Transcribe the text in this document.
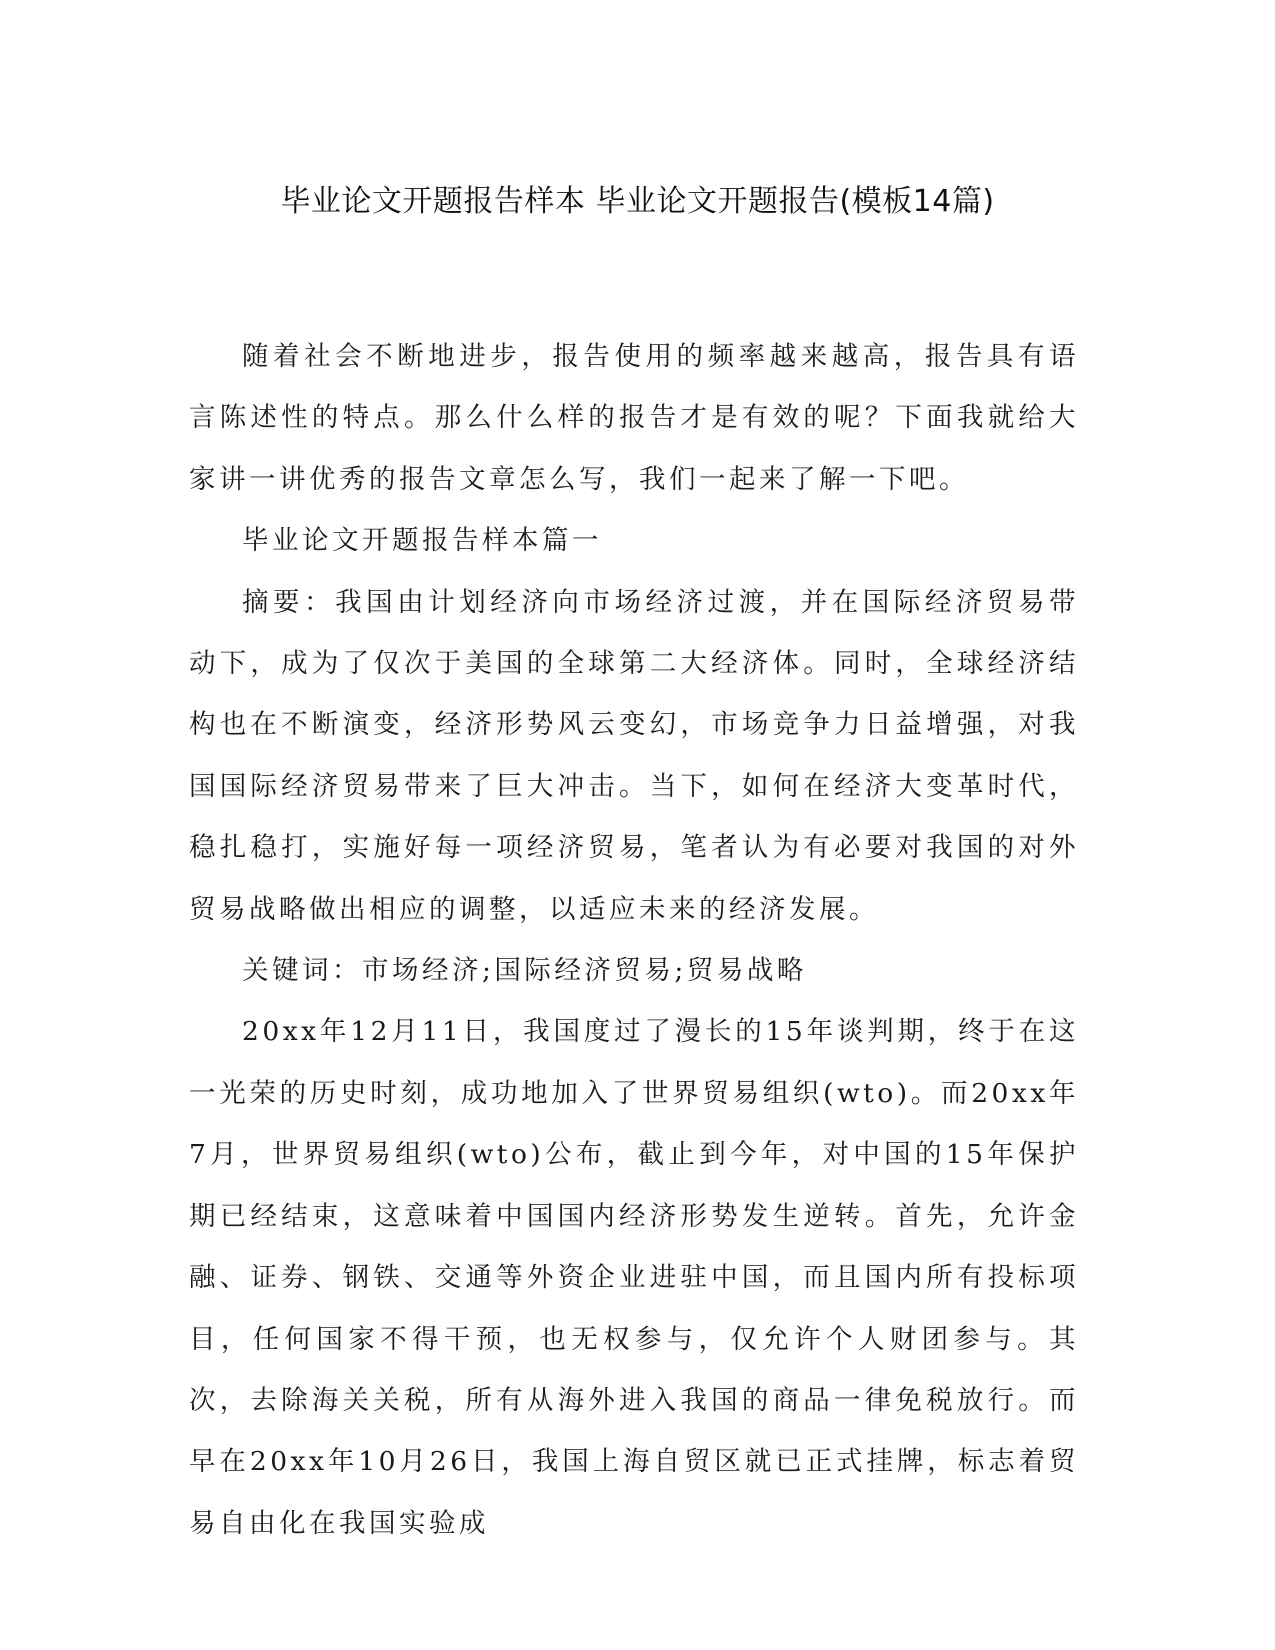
毕业论文开题报告样本 毕业论文开题报告(模板14篇)

随着社会不断地进步，报告使用的频率越来越高，报告具有语言陈述性的特点。那么什么样的报告才是有效的呢？下面我就给大家讲一讲优秀的报告文章怎么写，我们一起来了解一下吧。

毕业论文开题报告样本篇一

摘要：我国由计划经济向市场经济过渡，并在国际经济贸易带动下，成为了仅次于美国的全球第二大经济体。同时，全球经济结构也在不断演变，经济形势风云变幻，市场竞争力日益增强，对我国国际经济贸易带来了巨大冲击。当下，如何在经济大变革时代，稳扎稳打，实施好每一项经济贸易，笔者认为有必要对我国的对外贸易战略做出相应的调整，以适应未来的经济发展。

关键词：市场经济;国际经济贸易;贸易战略

20xx年12月11日，我国度过了漫长的15年谈判期，终于在这一光荣的历史时刻，成功地加入了世界贸易组织(wto)。而20xx年7月，世界贸易组织(wto)公布，截止到今年，对中国的15年保护期已经结束，这意味着中国国内经济形势发生逆转。首先，允许金融、证券、钢铁、交通等外资企业进驻中国，而且国内所有投标项目，任何国家不得干预，也无权参与，仅允许个人财团参与。其次，去除海关关税，所有从海外进入我国的商品一律免税放行。而早在20xx年10月26日，我国上海自贸区就已正式挂牌，标志着贸易自由化在我国实验成
